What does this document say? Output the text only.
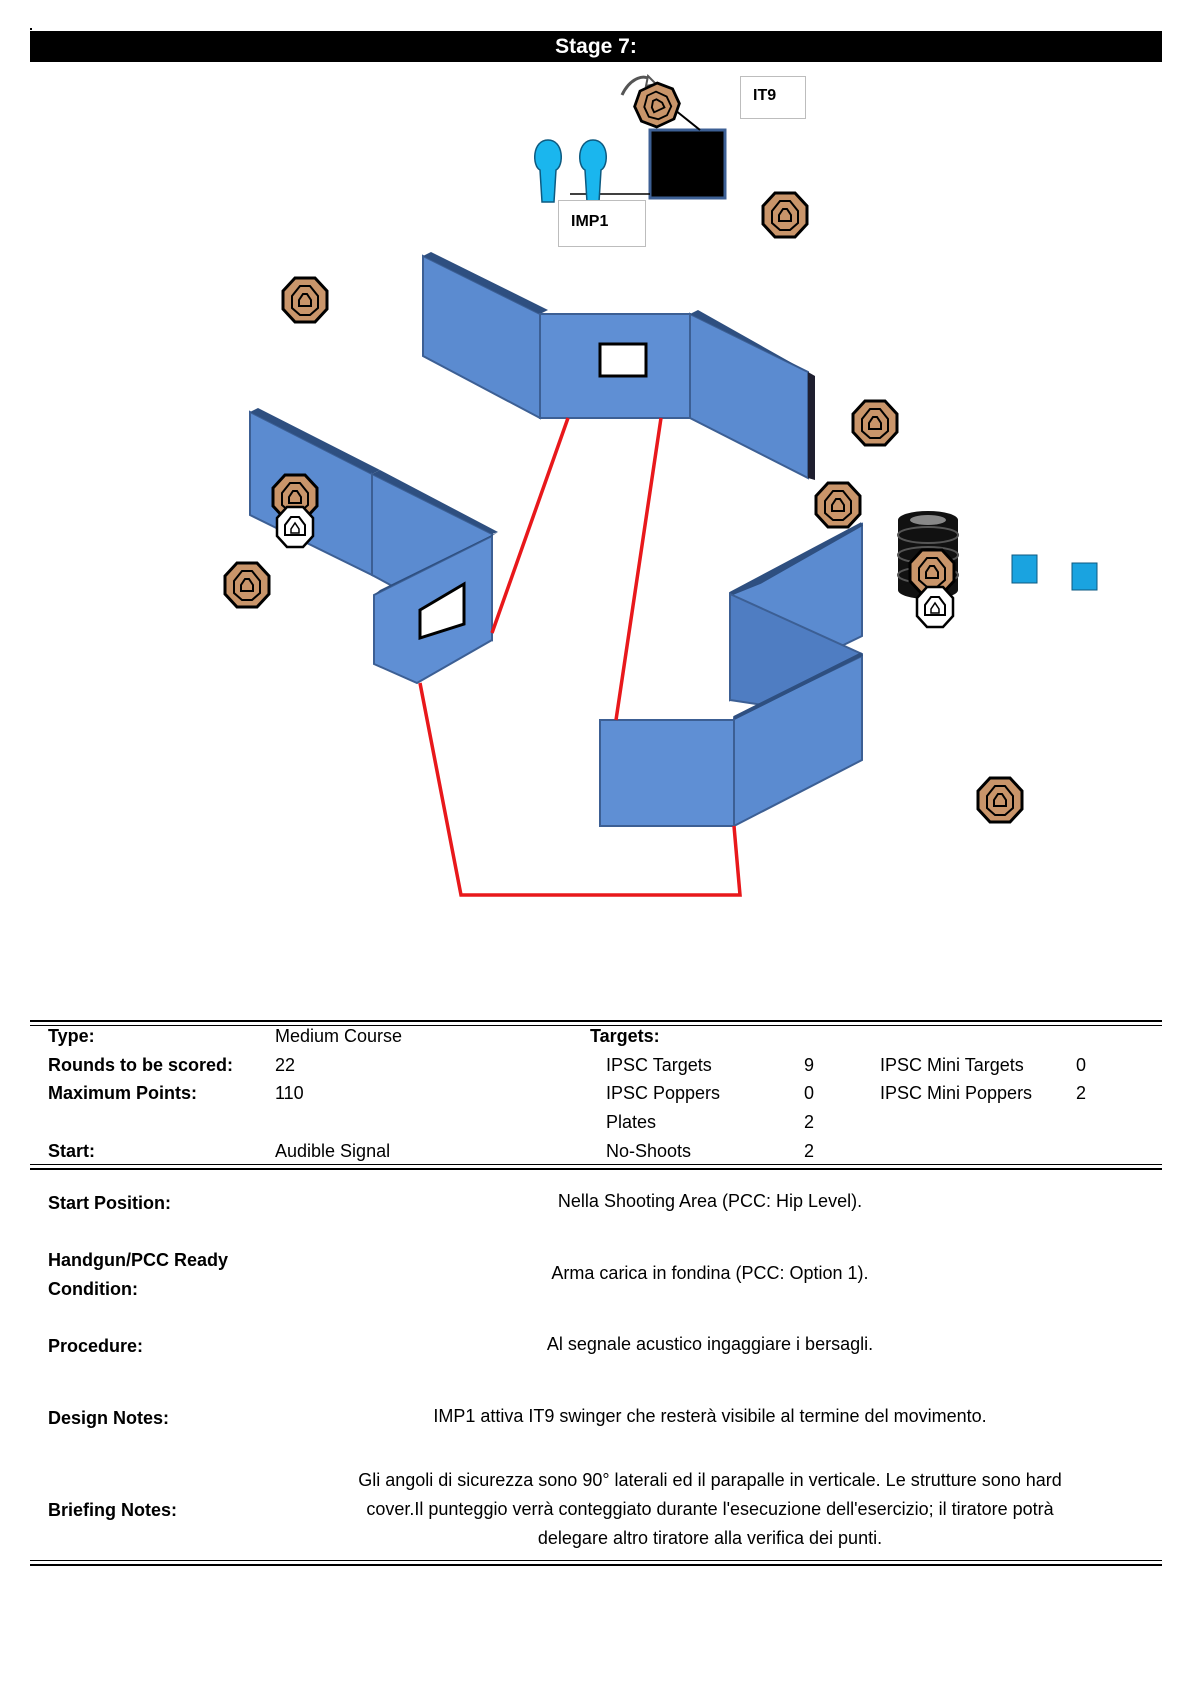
Stage 7:
IT9
IMP1
Type:	Medium Course	Targets:
Rounds to be scored: 22	IPSC Targets	9	IPSC Mini Targets	0
Maximum Points:	110	IPSC Poppers	0	IPSC Mini Poppers 2
Plates	2
Start:	Audible Signal	No-Shoots	2
Start Position:	Nella Shooting Area (PCC: Hip Level).
Handgun/PCC Ready
Condition:
Arma carica in fondina (PCC: Option 1).
Procedure:	Al segnale acustico ingaggiare i bersagli.
Design Notes:	IMP1 attiva IT9 swinger che resterà visibile al termine del movimento.
Briefing Notes:
Gli angoli di sicurezza sono 90° laterali ed il parapalle in verticale. Le strutture sono hard
cover.Il punteggio verrà conteggiato durante l'esecuzione dell'esercizio; il tiratore potrà
delegare altro tiratore alla verifica dei punti.
